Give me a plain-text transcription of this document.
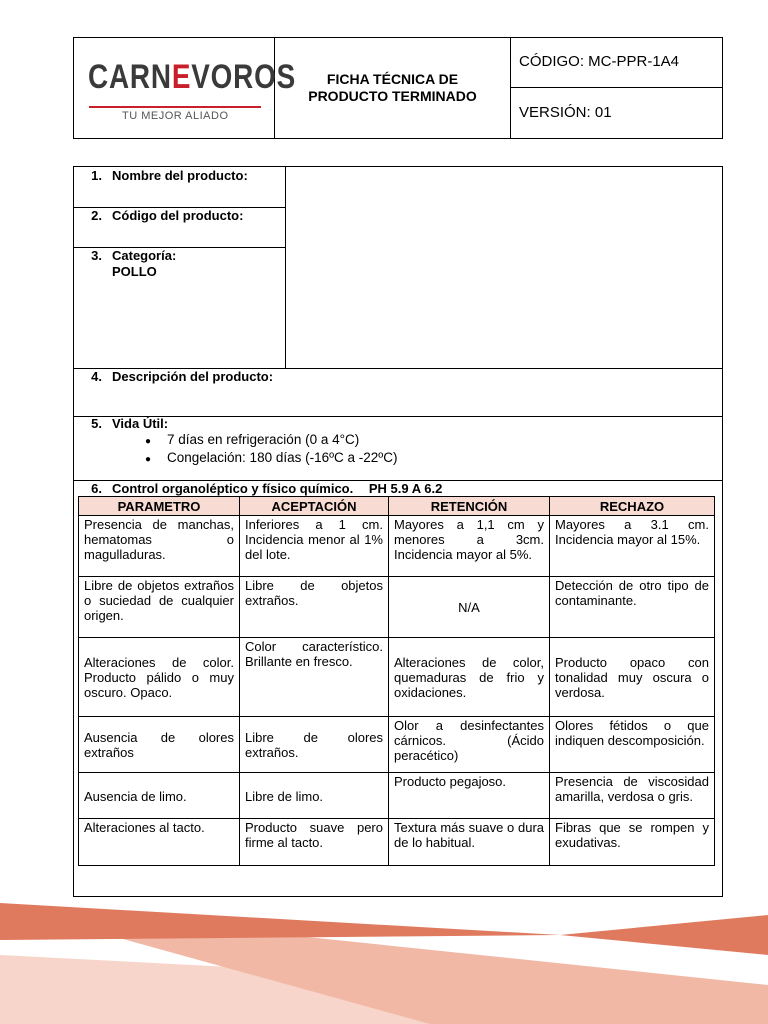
CARNEVOROS
TU MEJOR ALIADO
FICHA TÉCNICA DE
PRODUCTO TERMINADO
CÓDIGO: MC-PPR-1A4
VERSIÓN: 01
1. Nombre del producto:
2. Código del producto:
3. Categoría:
POLLO
4. Descripción del producto:
5. Vida Útil:
● 7 días en refrigeración (0 a 4°C)
● Congelación: 180 días (-16ºC a -22ºC)
6. Control organoléptico y físico químico. PH 5.9 A 6.2
PARAMETRO	ACEPTACIÓN	RETENCIÓN	RECHAZO
Presencia de manchas, hematomas o magulladuras.	Inferiores a 1 cm. Incidencia menor al 1% del lote.	Mayores a 1,1 cm y menores a 3cm. Incidencia mayor al 5%.	Mayores a 3.1 cm. Incidencia mayor al 15%.
Libre de objetos extraños o suciedad de cualquier origen.	Libre de objetos extraños.	N/A	Detección de otro tipo de contaminante.
Alteraciones de color. Producto pálido o muy oscuro. Opaco.	Color característico. Brillante en fresco.	Alteraciones de color, quemaduras de frio y oxidaciones.	Producto opaco con tonalidad muy oscura o verdosa.
Ausencia de olores extraños	Libre de olores extraños.	Olor a desinfectantes cárnicos. (Ácido peracético)	Olores fétidos o que indiquen descomposición.
Ausencia de limo.	Libre de limo.	Producto pegajoso.	Presencia de viscosidad amarilla, verdosa o gris.
Alteraciones al tacto.	Producto suave pero firme al tacto.	Textura más suave o dura de lo habitual.	Fibras que se rompen y exudativas.
